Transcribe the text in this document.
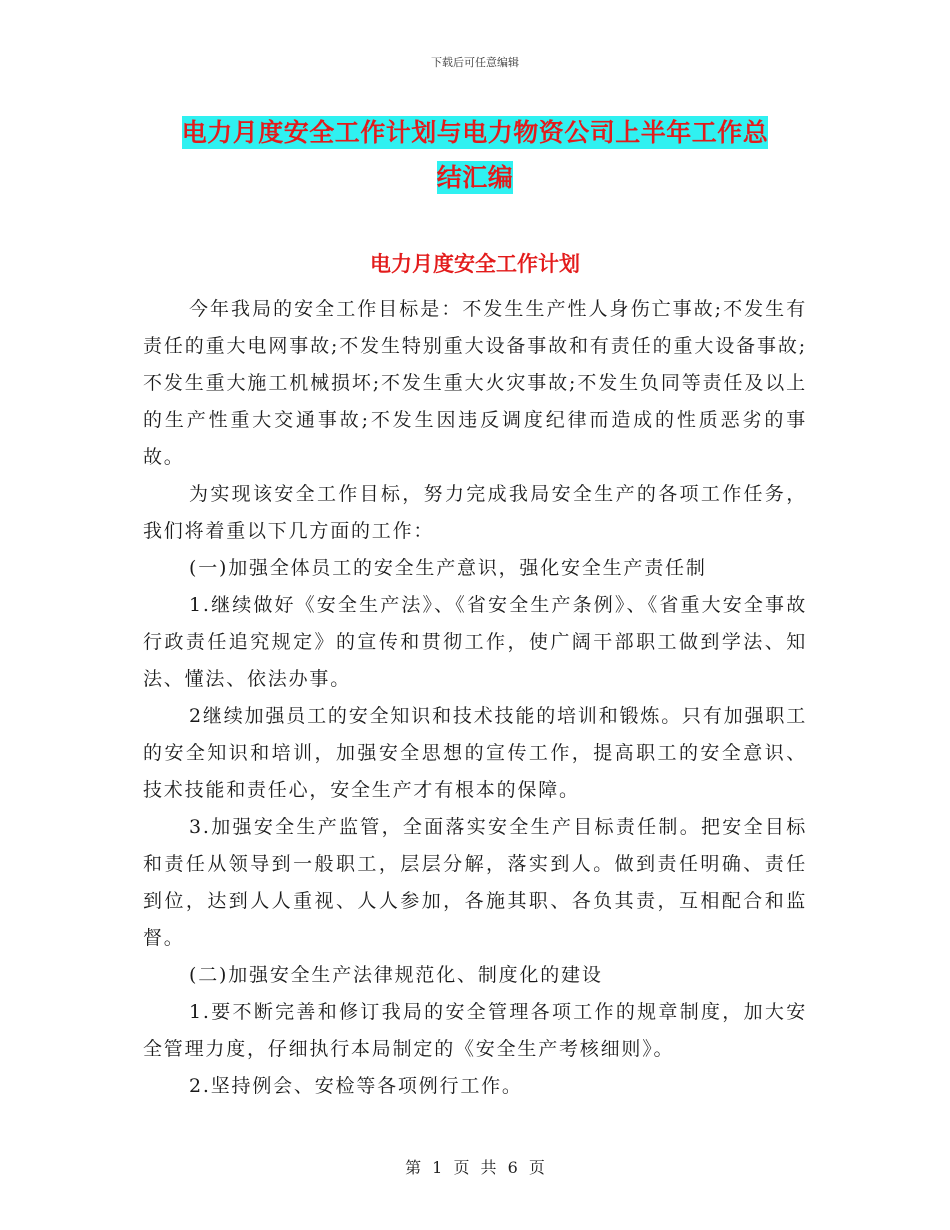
下载后可任意编辑
电力月度安全工作计划与电力物资公司上半年工作总
结汇编
电力月度安全工作计划

今年我局的安全工作目标是：不发生生产性人身伤亡事故;不发生有责任的重大电网事故;不发生特别重大设备事故和有责任的重大设备事故;不发生重大施工机械损坏;不发生重大火灾事故;不发生负同等责任及以上的生产性重大交通事故;不发生因违反调度纪律而造成的性质恶劣的事故。

为实现该安全工作目标，努力完成我局安全生产的各项工作任务，我们将着重以下几方面的工作：

(一)加强全体员工的安全生产意识，强化安全生产责任制

1.继续做好《安全生产法》、《省安全生产条例》、《省重大安全事故行政责任追究规定》的宣传和贯彻工作，使广阔干部职工做到学法、知法、懂法、依法办事。

2继续加强员工的安全知识和技术技能的培训和锻炼。只有加强职工的安全知识和培训，加强安全思想的宣传工作，提高职工的安全意识、技术技能和责任心，安全生产才有根本的保障。

3.加强安全生产监管，全面落实安全生产目标责任制。把安全目标和责任从领导到一般职工，层层分解，落实到人。做到责任明确、责任到位，达到人人重视、人人参加，各施其职、各负其责，互相配合和监督。

(二)加强安全生产法律规范化、制度化的建设

1.要不断完善和修订我局的安全管理各项工作的规章制度，加大安全管理力度，仔细执行本局制定的《安全生产考核细则》。

2.坚持例会、安检等各项例行工作。

第 1 页 共 6 页
